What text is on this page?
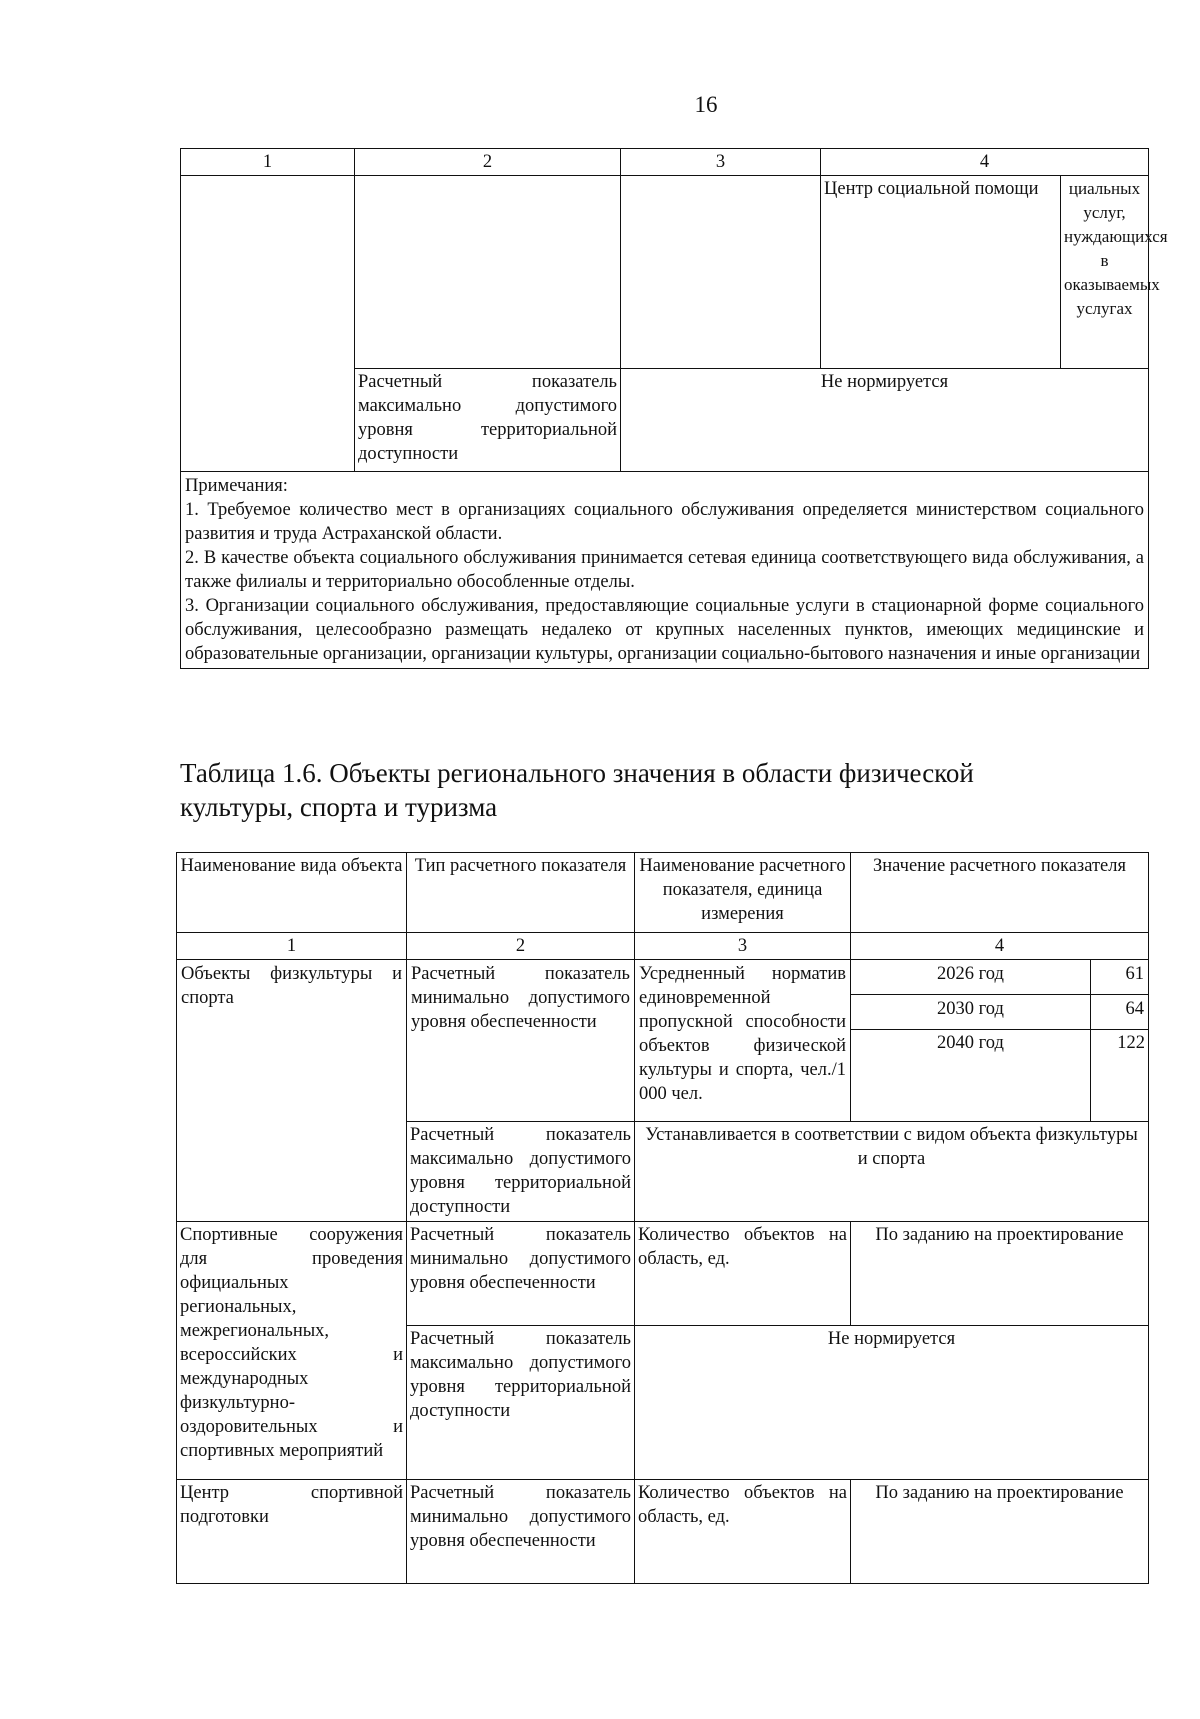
16
1	2	3	4	
			Центр социальной помощи	циальных услуг, нуждающихся в оказываемых услугах
	Расчетный показатель максимально допустимого уровня территориальной доступности	Не нормируется		

Примечания:
1. Требуемое количество мест в организациях социального обслуживания определяется министерством социального развития и труда Астраханской области.
2. В качестве объекта социального обслуживания принимается сетевая единица соответствующего вида обслуживания, а также филиалы и территориально обособленные отделы.
3. Организации социального обслуживания, предоставляющие социальные услуги в стационарной форме социального обслуживания, целесообразно размещать недалеко от крупных населенных пунктов, имеющих медицинские и образовательные организации, организации культуры, организации социально-бытового назначения и иные организации				
Таблица 1.6. Объекты регионального значения в области физической
культуры, спорта и туризма
Наименование вида объекта	Тип расчетного показателя	Наименование расчетного показателя, единица измерения	Значение расчетного показателя	
1	2	3	4	
Объекты физкультуры и спорта	Расчетный показатель минимально допустимого уровня обеспеченности	Усредненный норматив единовременной пропускной способности объектов физической культуры и спорта, чел./1 000 чел.	2026 год	61
			2030 год	64
			2040 год	122
	Расчетный показатель максимально допустимого уровня территориальной доступности	Устанавливается в соответствии с видом объекта физкультуры и спорта		
Спортивные сооружения для проведения официальных региональных, межрегиональных, всероссийских и международных физкультурно-оздоровительных и спортивных мероприятий	Расчетный показатель минимально допустимого уровня обеспеченности	Количество объектов на область, ед.	По заданию на проектирование	
	Расчетный показатель максимально допустимого уровня территориальной доступности	Не нормируется		
Центр спортивной подготовки	Расчетный показатель минимально допустимого уровня обеспеченности	Количество объектов на область, ед.	По заданию на проектирование	
